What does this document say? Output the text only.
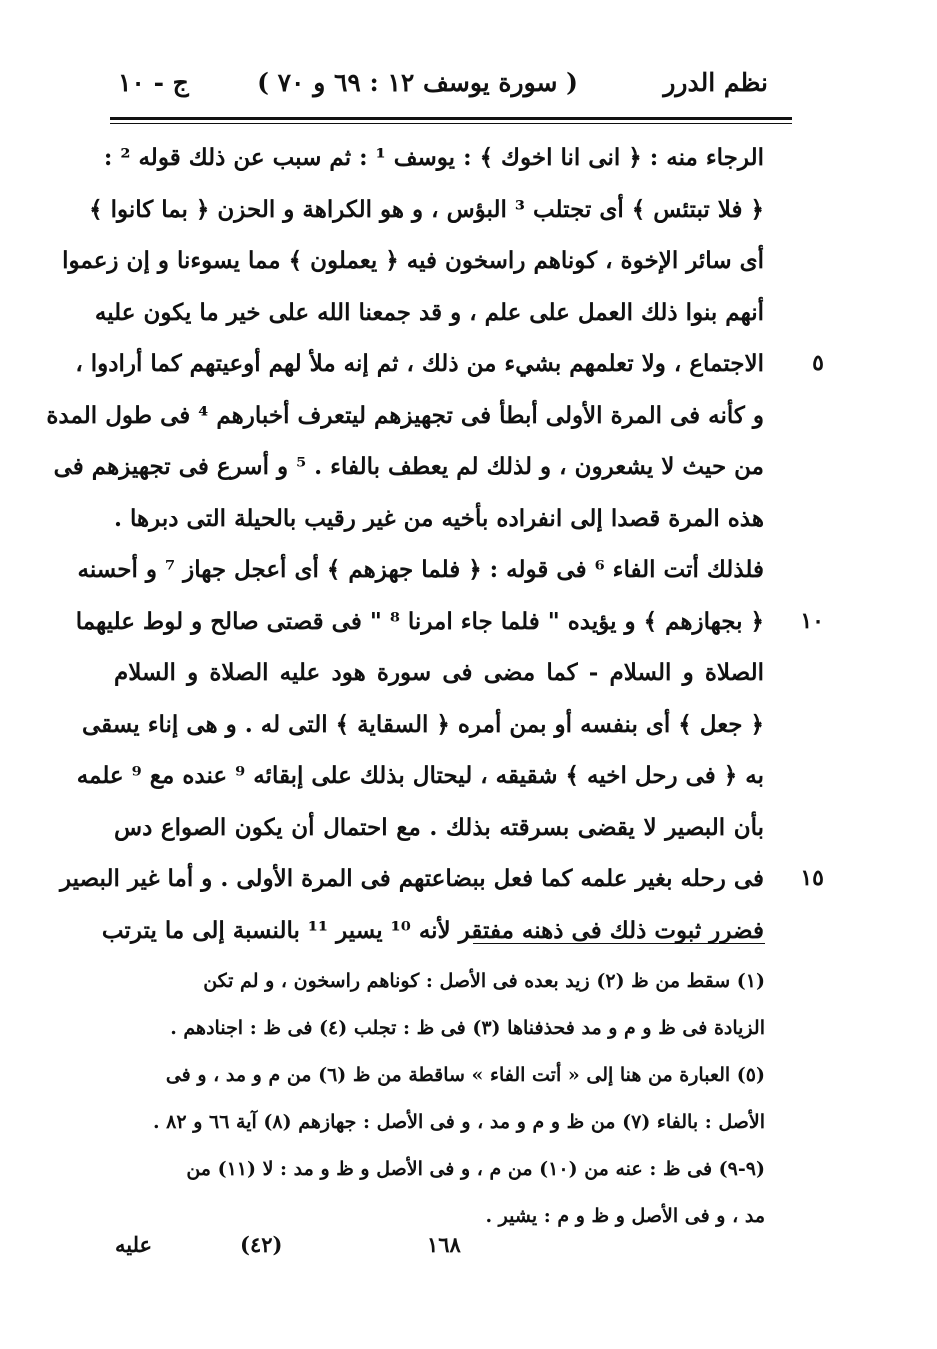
نظم الدرر
( سورة يوسف ١٢ : ٦٩ و ٧٠ )
ج - ١٠
الرجاء منه : ﴿ انى انا اخوك ﴾ : يوسف ¹ : ثم سبب عن ذلك قوله ² :
﴿ فلا تبتئس ﴾ أى تجتلب ³ البؤس ، و هو الكراهة و الحزن ﴿ بما كانوا ﴾
أى سائر الإخوة ، كوناهم راسخون فيه ﴿ يعملون ﴾ مما يسوءنا و إن زعموا
أنهم بنوا ذلك العمل على علم ، و قد جمعنا الله على خير ما يكون عليه
٥
الاجتماع ، ولا تعلمهم بشيء من ذلك ، ثم إنه ملأ لهم أوعيتهم كما أرادوا ،
و كأنه فى المرة الأولى أبطأ فى تجهيزهم ليتعرف أخبارهم ⁴ فى طول المدة
من حيث لا يشعرون ، و لذلك لم يعطف بالفاء . ⁵ و أسرع فى تجهيزهم فى
هذه المرة قصدا إلى انفراده بأخيه من غير رقيب بالحيلة التى دبرها .
فلذلك أتت الفاء ⁶ فى قوله : ﴿ فلما جهزهم ﴾ أى أعجل جهاز ⁷ و أحسنه
١٠
﴿ بجهازهم ﴾ و يؤيده " فلما جاء امرنا ⁸ " فى قصتى صالح و لوط عليهما
الصلاة و السلام - كما مضى فى سورة هود عليه الصلاة و السلام
﴿ جعل ﴾ أى بنفسه أو بمن أمره ﴿ السقاية ﴾ التى له . و هى إناء يسقى
به ﴿ فى رحل اخيه ﴾ شقيقه ، ليحتال بذلك على إبقائه ⁹ عنده مع ⁹ علمه
بأن البصير لا يقضى بسرقته بذلك . مع احتمال أن يكون الصواع دس
١٥
فى رحله بغير علمه كما فعل ببضاعتهم فى المرة الأولى . و أما غير البصير
فضرر ثبوت ذلك فى ذهنه مفتقر لأنه ¹⁰ يسير ¹¹ بالنسبة إلى ما يترتب
(١) سقط من ظ (٢) زيد بعده فى الأصل : كوناهم راسخون ، و لم تكن
الزيادة فى ظ و م و مد فحذفناها (٣) فى ظ : تجلب (٤) فى ظ : اجنادهم .
(٥) العبارة من هنا إلى « أتت الفاء » ساقطة من ظ (٦) من م و مد ، و فى
الأصل : بالفاء (٧) من ظ و م و مد ، و فى الأصل : جهازهم (٨) آية ٦٦ و ٨٢ .
(٩-٩) فى ظ : عنه من (١٠) من م ، و فى الأصل و ظ و مد : لا (١١) من
مد ، و فى الأصل و ظ و م : يشير .
عليه	(٤٢)	١٦٨
